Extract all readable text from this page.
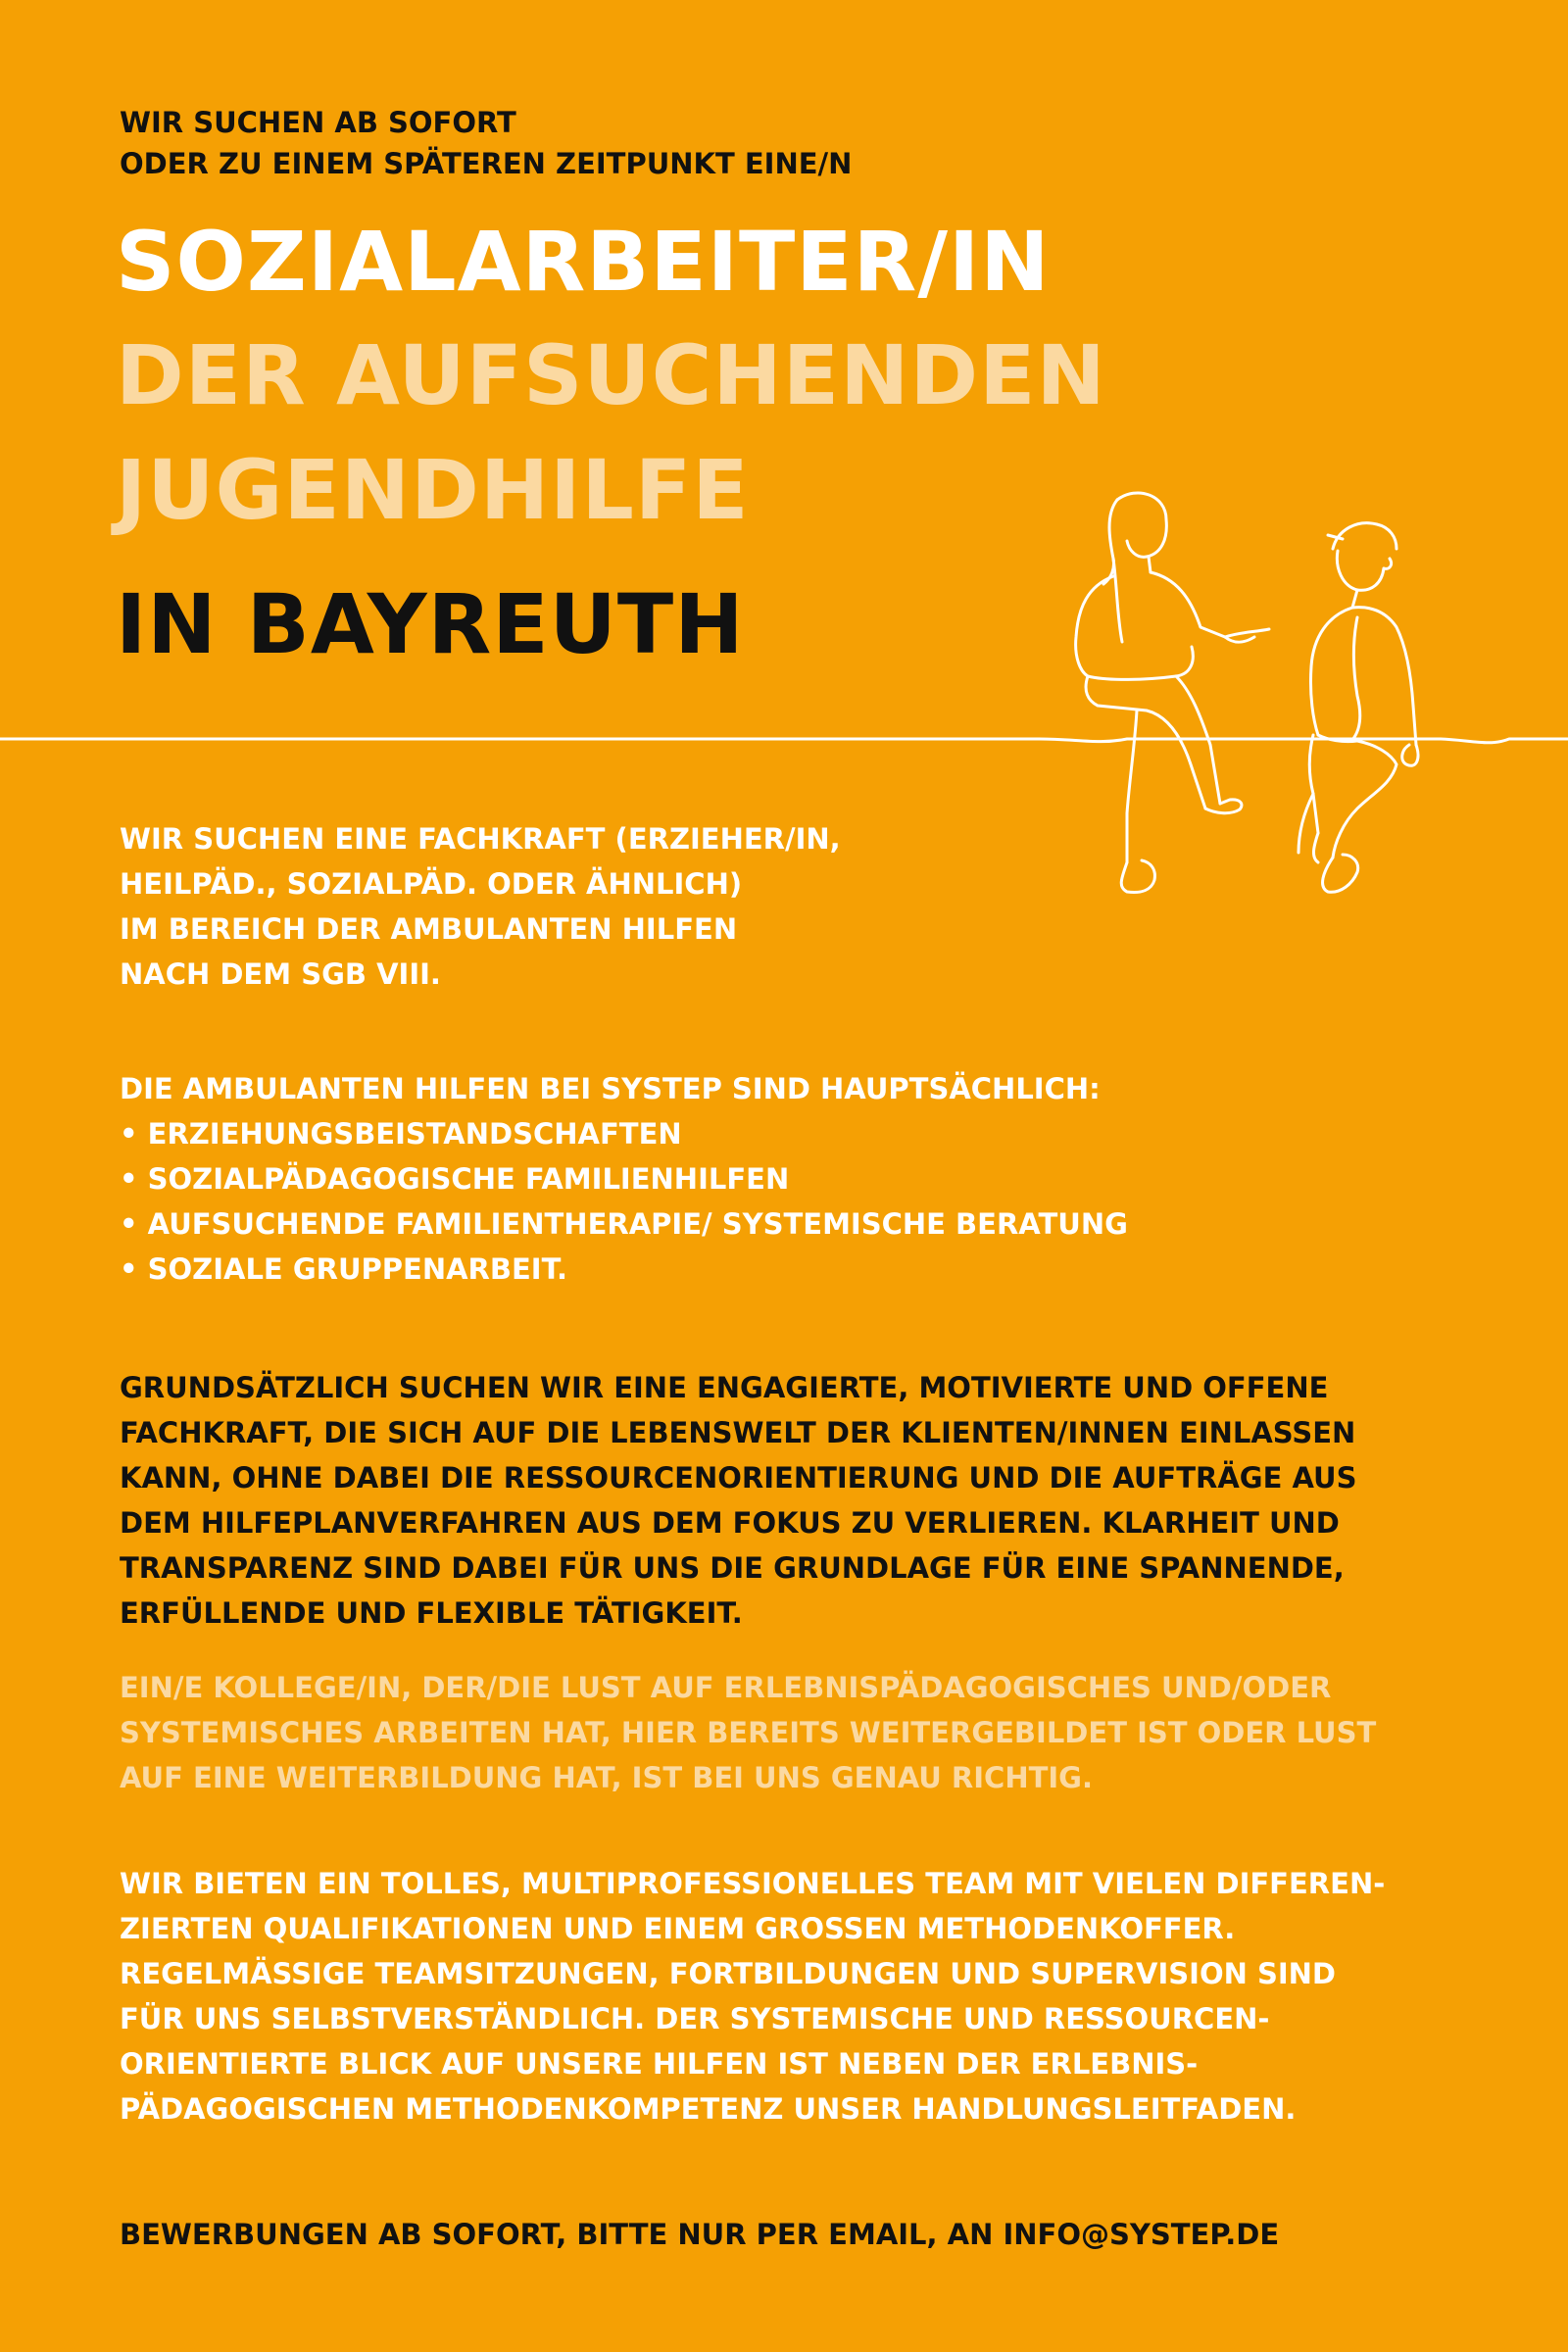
WIR SUCHEN AB SOFORT
ODER ZU EINEM SPÄTEREN ZEITPUNKT EINE/N

SOZIALARBEITER/IN
DER AUFSUCHENDEN
JUGENDHILFE
IN BAYREUTH

WIR SUCHEN EINE FACHKRAFT (ERZIEHER/IN,
HEILPÄD., SOZIALPÄD. ODER ÄHNLICH)
IM BEREICH DER AMBULANTEN HILFEN
NACH DEM SGB VIII.

DIE AMBULANTEN HILFEN BEI SYSTEP SIND HAUPTSÄCHLICH:

• ERZIEHUNGSBEISTANDSCHAFTEN
• SOZIALPÄDAGOGISCHE FAMILIENHILFEN
• AUFSUCHENDE FAMILIENTHERAPIE/ SYSTEMISCHE BERATUNG
• SOZIALE GRUPPENARBEIT.

GRUNDSÄTZLICH SUCHEN WIR EINE ENGAGIERTE, MOTIVIERTE UND OFFENE
FACHKRAFT, DIE SICH AUF DIE LEBENSWELT DER KLIENTEN/INNEN EINLASSEN
KANN, OHNE DABEI DIE RESSOURCENORIENTIERUNG UND DIE AUFTRÄGE AUS
DEM HILFEPLANVERFAHREN AUS DEM FOKUS ZU VERLIEREN. KLARHEIT UND
TRANSPARENZ SIND DABEI FÜR UNS DIE GRUNDLAGE FÜR EINE SPANNENDE,
ERFÜLLENDE UND FLEXIBLE TÄTIGKEIT.

EIN/E KOLLEGE/IN, DER/DIE LUST AUF ERLEBNISPÄDAGOGISCHES UND/ODER
SYSTEMISCHES ARBEITEN HAT, HIER BEREITS WEITERGEBILDET IST ODER LUST
AUF EINE WEITERBILDUNG HAT, IST BEI UNS GENAU RICHTIG.

WIR BIETEN EIN TOLLES, MULTIPROFESSIONELLES TEAM MIT VIELEN DIFFEREN-
ZIERTEN QUALIFIKATIONEN UND EINEM GROSSEN METHODENKOFFER.
REGELMÄSSIGE TEAMSITZUNGEN, FORTBILDUNGEN UND SUPERVISION SIND
FÜR UNS SELBSTVERSTÄNDLICH. DER SYSTEMISCHE UND RESSOURCEN-
ORIENTIERTE BLICK AUF UNSERE HILFEN IST NEBEN DER ERLEBNIS-
PÄDAGOGISCHEN METHODENKOMPETENZ UNSER HANDLUNGSLEITFADEN.

BEWERBUNGEN AB SOFORT, BITTE NUR PER EMAIL, AN INFO@SYSTEP.DE
